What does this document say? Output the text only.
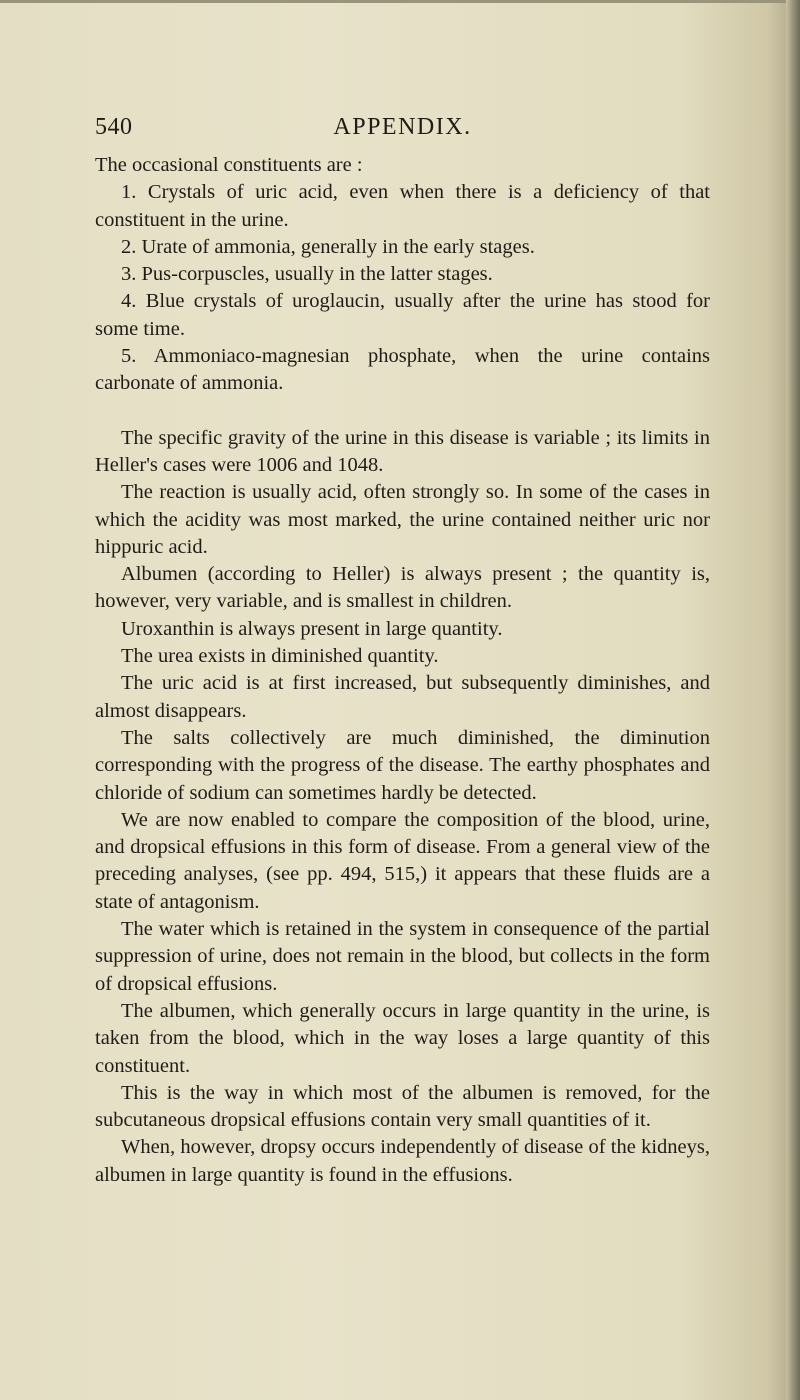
540	APPENDIX.

The occasional constituents are :

1. Crystals of uric acid, even when there is a deficiency of that constituent in the urine.

2. Urate of ammonia, generally in the early stages.

3. Pus-corpuscles, usually in the latter stages.

4. Blue crystals of uroglaucin, usually after the urine has stood for some time.

5. Ammoniaco-magnesian phosphate, when the urine contains carbonate of ammonia.

The specific gravity of the urine in this disease is variable ; its limits in Heller's cases were 1006 and 1048.

The reaction is usually acid, often strongly so. In some of the cases in which the acidity was most marked, the urine contained neither uric nor hippuric acid.

Albumen (according to Heller) is always present ; the quantity is, however, very variable, and is smallest in children.

Uroxanthin is always present in large quantity.

The urea exists in diminished quantity.

The uric acid is at first increased, but subsequently diminishes, and almost disappears.

The salts collectively are much diminished, the diminution corresponding with the progress of the disease. The earthy phosphates and chloride of sodium can sometimes hardly be detected.

We are now enabled to compare the composition of the blood, urine, and dropsical effusions in this form of disease. From a general view of the preceding analyses, (see pp. 494, 515,) it appears that these fluids are a state of antagonism.

The water which is retained in the system in consequence of the partial suppression of urine, does not remain in the blood, but collects in the form of dropsical effusions.

The albumen, which generally occurs in large quantity in the urine, is taken from the blood, which in the way loses a large quantity of this constituent.

This is the way in which most of the albumen is removed, for the subcutaneous dropsical effusions contain very small quantities of it.

When, however, dropsy occurs independently of disease of the kidneys, albumen in large quantity is found in the effusions.
